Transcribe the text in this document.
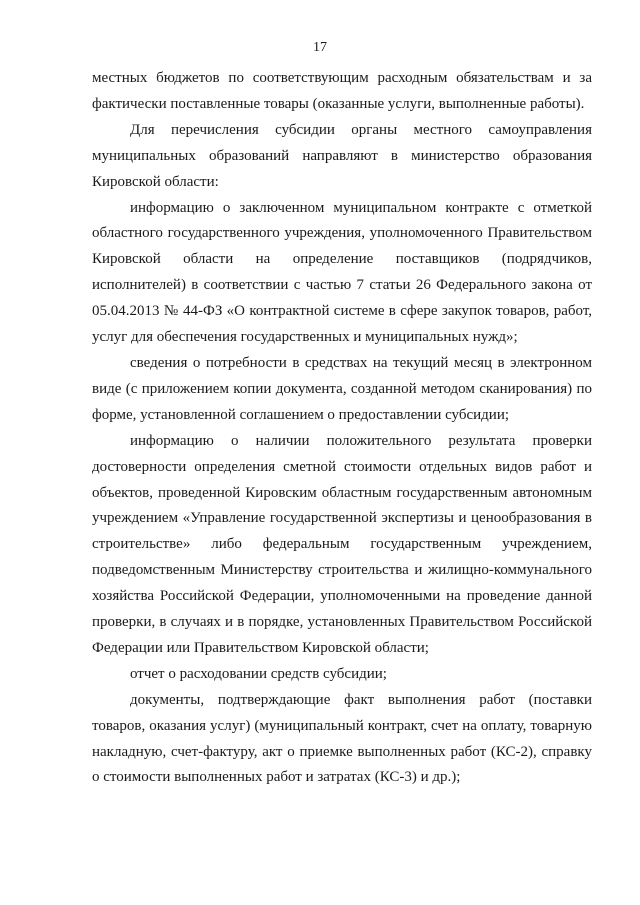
17

местных бюджетов по соответствующим расходным обязательствам и за фактически поставленные товары (оказанные услуги, выполненные работы).

Для перечисления субсидии органы местного самоуправления муниципальных образований направляют в министерство образования Кировской области:

информацию о заключенном муниципальном контракте с отметкой областного государственного учреждения, уполномоченного Правительством Кировской области на определение поставщиков (подрядчиков, исполнителей) в соответствии с частью 7 статьи 26 Федерального закона от 05.04.2013 № 44-ФЗ «О контрактной системе в сфере закупок товаров, работ, услуг для обеспечения государственных и муниципальных нужд»;

сведения о потребности в средствах на текущий месяц в электронном виде (с приложением копии документа, созданной методом сканирования) по форме, установленной соглашением о предоставлении субсидии;

информацию о наличии положительного результата проверки достоверности определения сметной стоимости отдельных видов работ и объектов, проведенной Кировским областным государственным автономным учреждением «Управление государственной экспертизы и ценообразования в строительстве» либо федеральным государственным учреждением, подведомственным Министерству строительства и жилищно-коммунального хозяйства Российской Федерации, уполномоченными на проведение данной проверки, в случаях и в порядке, установленных Правительством Российской Федерации или Правительством Кировской области;

отчет о расходовании средств субсидии;

документы, подтверждающие факт выполнения работ (поставки товаров, оказания услуг) (муниципальный контракт, счет на оплату, товарную накладную, счет-фактуру, акт о приемке выполненных работ (КС-2), справку о стоимости выполненных работ и затратах (КС-3) и др.);
